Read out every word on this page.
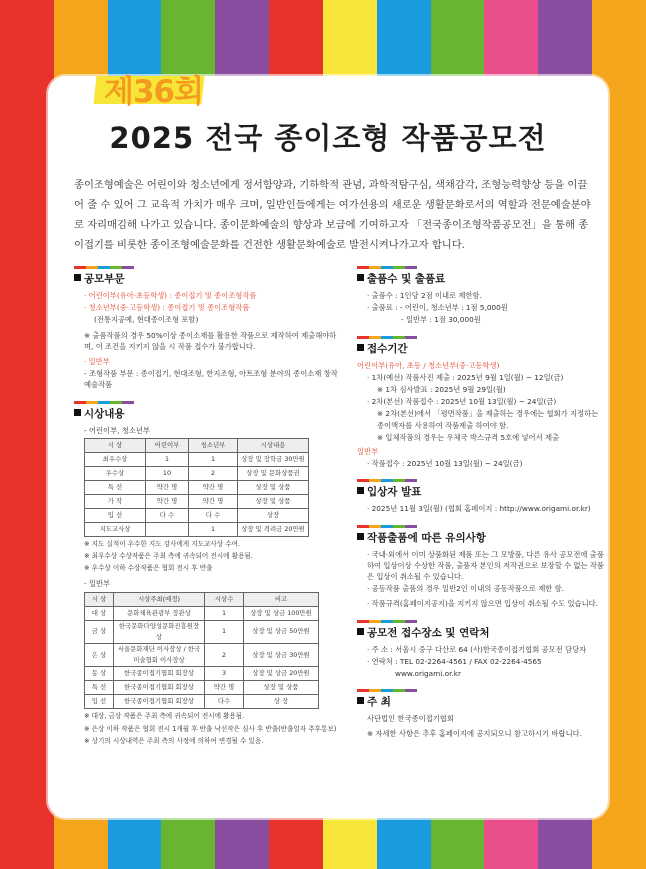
제36회
2025 전국 종이조형 작품공모전
종이조형예술은 어린이와 청소년에게 정서함양과, 기하학적 관념, 과학적탐구심, 색채감각, 조형능력향상 등을 이끌어 줄 수 있어 그 교육적 가치가 매우 크며, 일반인들에게는 여가선용의 새로운 생활문화로서의 역할과 전문예술분야로 자리매김해 나가고 있습니다. 종이문화예술의 향상과 보급에 기여하고자 「전국종이조형작품공모전」을 통해 종이접기를 비롯한 종이조형예술문화를 건전한 생활문화예술로 발전시켜나가고자 합니다.
공모부문
· 어린이부(유아·초등학생) : 종이접기 및 종이조형작품
· 청소년부(중·고등학생) : 종이접기 및 종이조형작품
(전통지공예, 현대종이조형 포함)
※ 출품작품의 경우 50%이상 종이소재를 활용한 작품으로 제작하여 제출해야하며, 이 조건을 지키지 않을 시 작품 접수가 불가합니다.
· 일반부
- 조형작품 부문 : 종이접기, 현대조형, 한지조형, 아트조형 분야의 종이소재 창작예술작품
시상내용
- 어린이부, 청소년부
시 상	어린이부	청소년부	시상내용
최우수상	1	1	상장 및 장학금 30만원
우수상	10	2	상장 및 문화상품권
특 선	약간 명	약간 명	상장 및 상품
가 작	약간 명	약간 명	상장 및 상품
입 선	다 수	다 수	상장
지도교사상		1	상장 및 격려금 20만원
※ 지도 실적이 우수한 지도 강사에게 지도교사상 수여.
※ 최우수상 수상작품은 주최 측에 귀속되어 전시에 활용됨.
※ 우수상 이하 수상작품은 협회 전시 후 반출
- 일반부
시 상	시상주최(예정)	시상수	비고
대 상	문화체육관광부 장관상	1	상장 및 상금 100만원
금 상	한국문화다양성문화진흥원장상	1	상장 및 상금 50만원
은 상	서울문화재단 이사장상 / 한국미술협회 이사장상	2	상장 및 상금 30만원
동 상	한국종이접기협회 회장상	3	상장 및 상금 20만원
특 선	한국종이접기협회 회장상	약간 명	상장 및 상품
입 선	한국종이접기협회 회장상	다수	상 장
※ 대상, 금상 작품은 주최 측에 귀속되어 전시에 활용됨.
※ 은상 이하 작품은 협회 전시 1개월 후 반출 낙선작은 심사 후 반출(반출일자 추후통보)
※ 상기의 시상내역은 주최 측의 사정에 의하여 변경될 수 있음.
출품수 및 출품료
· 출품수 : 1인당 2점 이내로 제한함.
· 출품료 : - 어린이, 청소년부 : 1점 5,000원
- 일반부 : 1점 30,000원
접수기간
어린이부(유아, 초등 / 청소년부(중·고등학생)
· 1차(예선) 작품사진 제출 : 2025년 9월 1일(월) ~ 12일(금)
※ 1차 심사발표 : 2025년 9월 29일(월)
· 2차(본선) 작품접수 : 2025년 10월 13일(월) ~ 24일(금)
※ 2차(본선)에서 「평면작품」을 제출하는 경우에는 협회가 지정하는 종이액자를 사용하여 작품제출 하여야 함.
※ 입체작품의 경우는 우체국 박스규격 5호에 넣어서 제출
일반부
· 작품접수 : 2025년 10월 13일(월) ~ 24일(금)
입상자 발표
· 2025년 11월 3일(월) (협회 홈페이지 : http://www.origami.or.kr)
작품출품에 따른 유의사항
· 국내·외에서 이미 상품화된 제품 또는 그 모방품, 다른 유사 공모전에 출품하여 입상이상 수상한 작품, 출품자 본인의 저작권으로 보장할 수 없는 작품은 입상이 취소될 수 있습니다.
· 공동작품 출품의 경우 일반2인 이내의 공동작품으로 제한 함.
· 작품규격(홈페이지공지)을 지키지 않으면 입상이 취소될 수도 있습니다.
공모전 접수장소 및 연락처
· 주 소 : 서울시 중구 다산로 64 (사)한국종이접기협회 공모전 담당자
· 연락처 : TEL 02-2264-4561 / FAX 02-2264-4565
www.origami.or.kr
주 최
사단법인 한국종이접기협회
※ 자세한 사항은 추후 홈페이지에 공지되오니 참고하시기 바랍니다.
